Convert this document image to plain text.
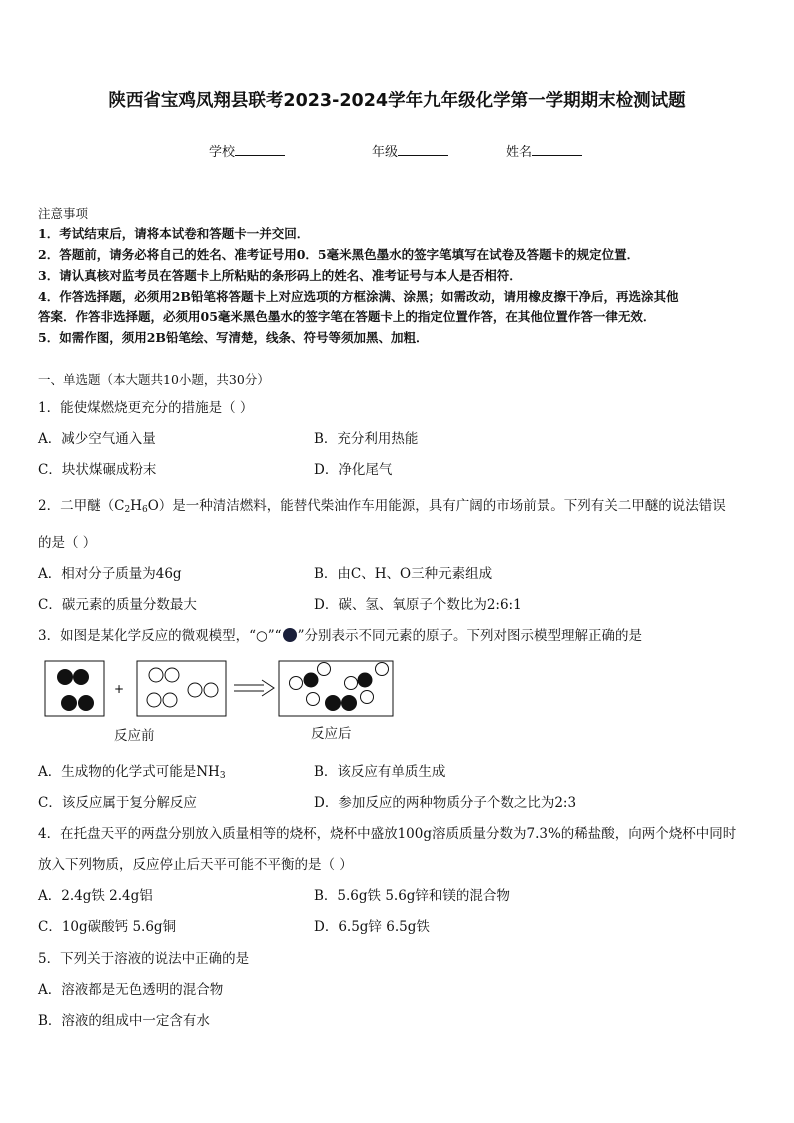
陕西省宝鸡凤翔县联考2023-2024学年九年级化学第一学期期末检测试题
学校	年级	姓名
注意事项
1．考试结束后，请将本试卷和答题卡一并交回．
2．答题前，请务必将自己的姓名、准考证号用0．5毫米黑色墨水的签字笔填写在试卷及答题卡的规定位置．
3．请认真核对监考员在答题卡上所粘贴的条形码上的姓名、准考证号与本人是否相符．
4．作答选择题，必须用2B铅笔将答题卡上对应选项的方框涂满、涂黑；如需改动，请用橡皮擦干净后，再选涂其他
答案．作答非选择题，必须用05毫米黑色墨水的签字笔在答题卡上的指定位置作答，在其他位置作答一律无效．
5．如需作图，须用2B铅笔绘、写清楚，线条、符号等须加黑、加粗．
一、单选题（本大题共10小题，共30分）
1．能使煤燃烧更充分的措施是（ ）
A．减少空气通入量	B．充分利用热能
C．块状煤碾成粉末	D．净化尾气
2．二甲醚$(C_2H_6O)$是一种清洁燃料，能替代柴油作车用能源，具有广阔的市场前景。下列有关二甲醚的说法错误
的是（ ）
A．相对分子质量为46g	B．由C、H、O三种元素组成
C．碳元素的质量分数最大	D．碳、氢、氧原子个数比为2:6:1
3．如图是某化学反应的微观模型，“○”“ ”分别表示不同元素的原子。下列对图示模型理解正确的是
+
反应前	反应后
A．生成物的化学式可能是$NH_3$	B．该反应有单质生成
C．该反应属于复分解反应	D．参加反应的两种物质分子个数之比为2:3
4．在托盘天平的两盘分别放入质量相等的烧杯，烧杯中盛放100g溶质质量分数为7.3%的稀盐酸，向两个烧杯中同时
放入下列物质，反应停止后天平可能不平衡的是（ ）
A．2.4g铁 2.4g铝	B．5.6g铁 5.6g锌和镁的混合物
C．10g碳酸钙 5.6g铜	D．6.5g锌 6.5g铁
5．下列关于溶液的说法中正确的是
A．溶液都是无色透明的混合物
B．溶液的组成中一定含有水
